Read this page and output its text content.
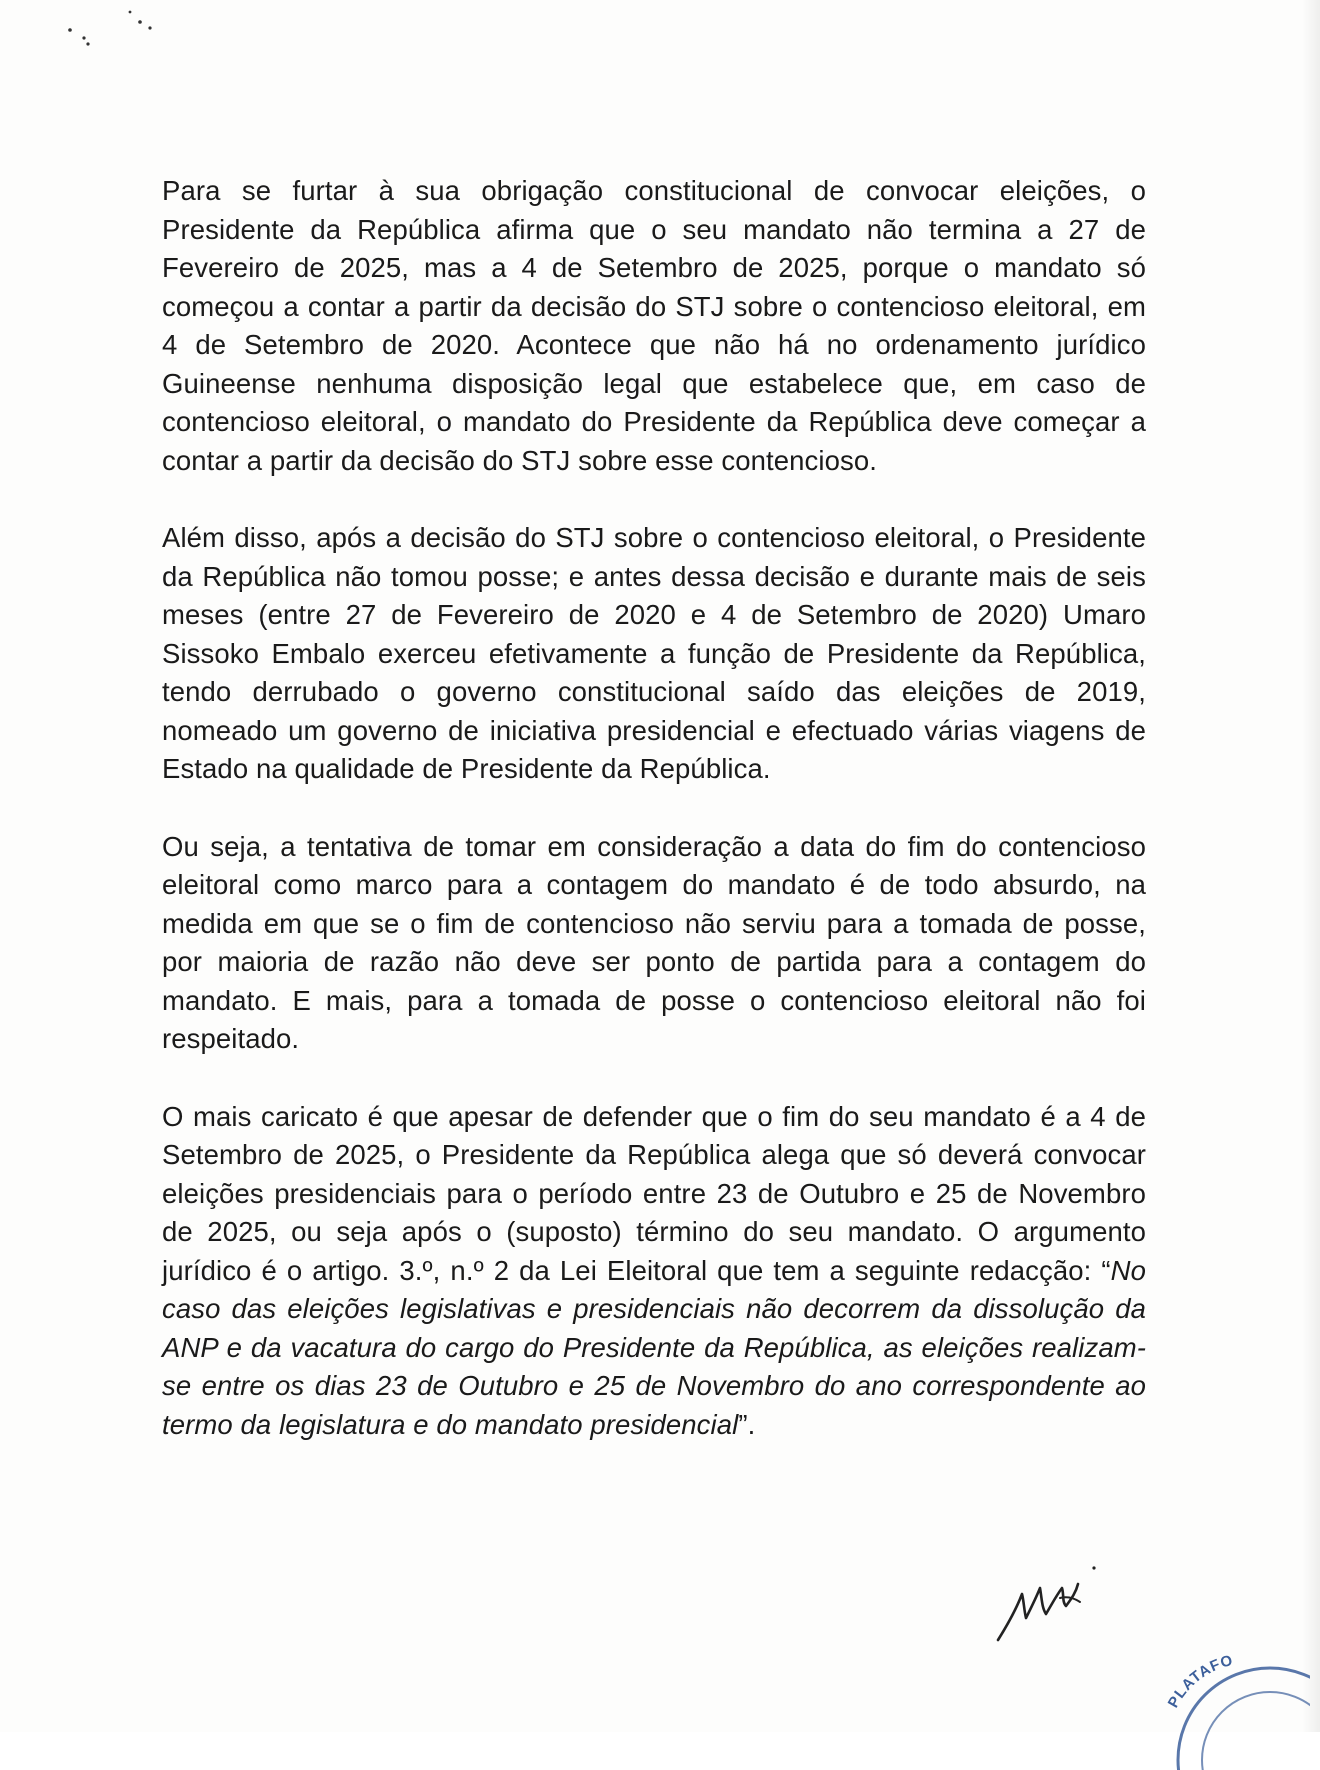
Para se furtar à sua obrigação constitucional de convocar eleições, o Presidente da República afirma que o seu mandato não termina a 27 de Fevereiro de 2025, mas a 4 de Setembro de 2025, porque o mandato só começou a contar a partir da decisão do STJ sobre o contencioso eleitoral, em 4 de Setembro de 2020. Acontece que não há no ordenamento jurídico Guineense nenhuma disposição legal que estabelece que, em caso de contencioso eleitoral, o mandato do Presidente da República deve começar a contar a partir da decisão do STJ sobre esse contencioso.

Além disso, após a decisão do STJ sobre o contencioso eleitoral, o Presidente da República não tomou posse; e antes dessa decisão e durante mais de seis meses (entre 27 de Fevereiro de 2020 e 4 de Setembro de 2020) Umaro Sissoko Embalo exerceu efetivamente a função de Presidente da República, tendo derrubado o governo constitucional saído das eleições de 2019, nomeado um governo de iniciativa presidencial e efectuado várias viagens de Estado na qualidade de Presidente da República.

Ou seja, a tentativa de tomar em consideração a data do fim do contencioso eleitoral como marco para a contagem do mandato é de todo absurdo, na medida em que se o fim de contencioso não serviu para a tomada de posse, por maioria de razão não deve ser ponto de partida para a contagem do mandato. E mais, para a tomada de posse o contencioso eleitoral não foi respeitado.

O mais caricato é que apesar de defender que o fim do seu mandato é a 4 de Setembro de 2025, o Presidente da República alega que só deverá convocar eleições presidenciais para o período entre 23 de Outubro e 25 de Novembro de 2025, ou seja após o (suposto) término do seu mandato. O argumento jurídico é o artigo. 3.º, n.º 2 da Lei Eleitoral que tem a seguinte redacção: “No caso das eleições legislativas e presidenciais não decorrem da dissolução da ANP e da vacatura do cargo do Presidente da República, as eleições realizam-se entre os dias 23 de Outubro e 25 de Novembro do ano correspondente ao termo da legislatura e do mandato presidencial”.

PLATAFO
